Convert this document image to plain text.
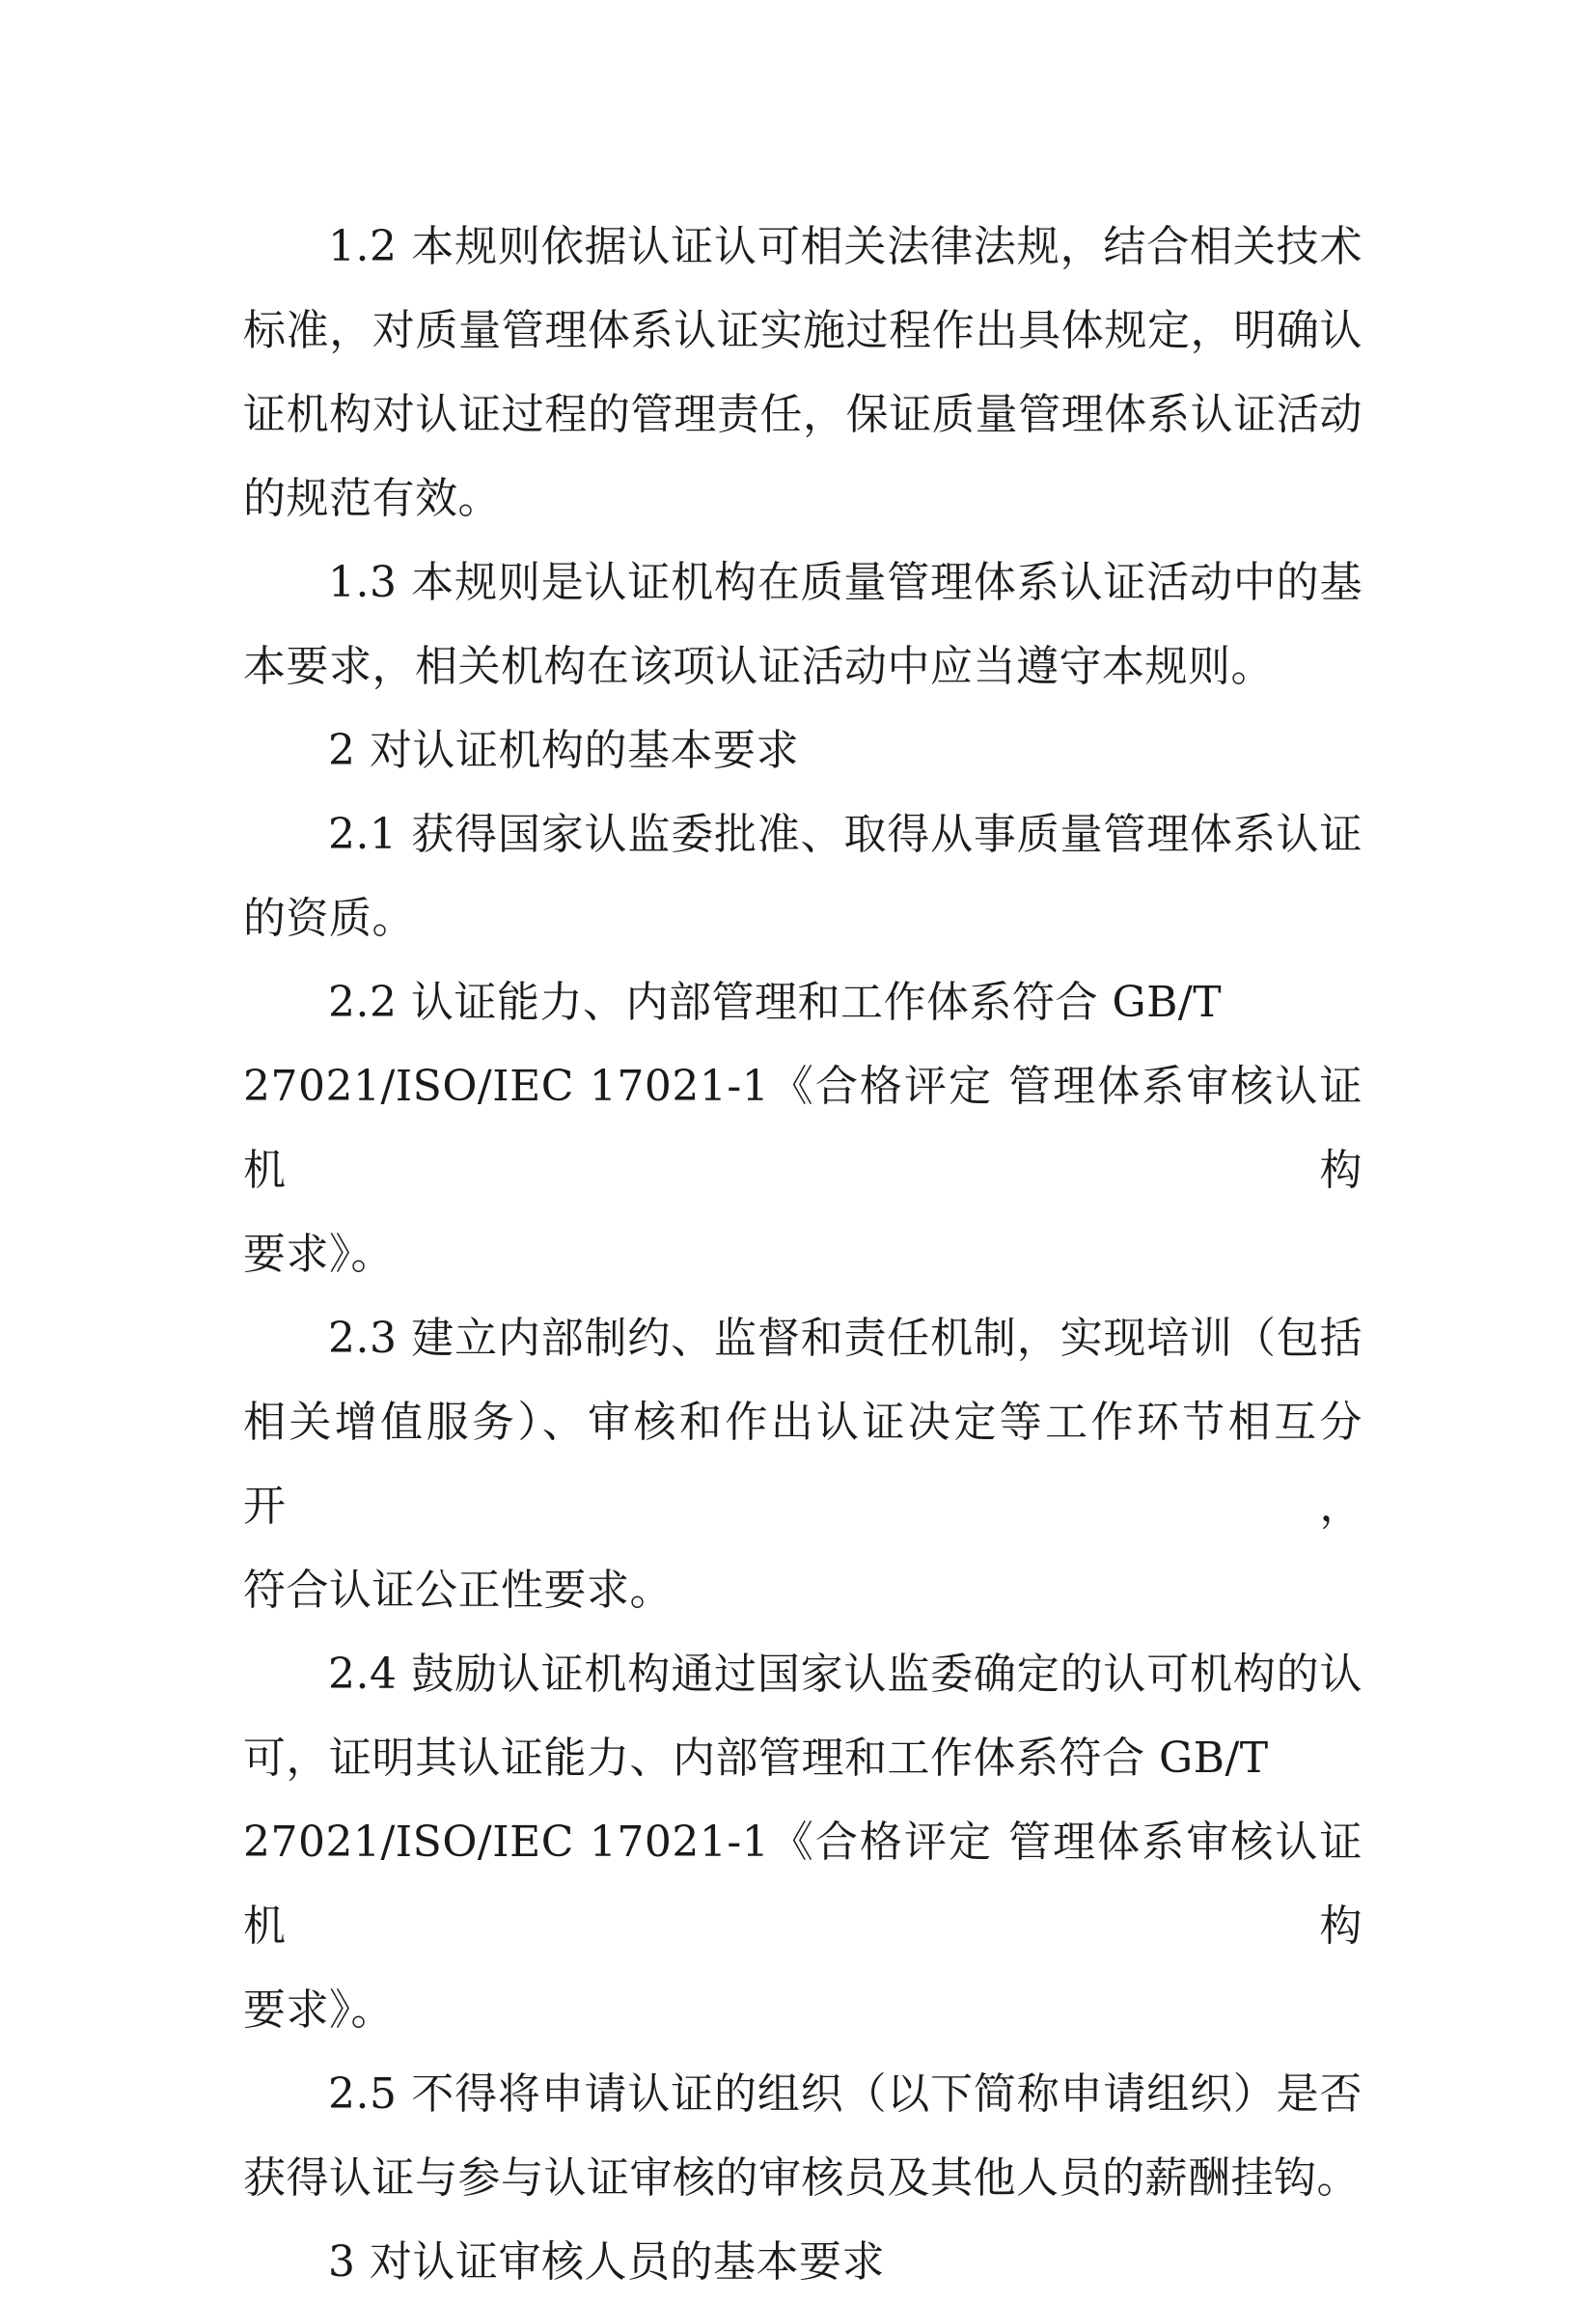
1.2 本规则依据认证认可相关法律法规，结合相关技术
标准，对质量管理体系认证实施过程作出具体规定，明确认
证机构对认证过程的管理责任，保证质量管理体系认证活动
的规范有效。
1.3 本规则是认证机构在质量管理体系认证活动中的基
本要求，相关机构在该项认证活动中应当遵守本规则。
2 对认证机构的基本要求
2.1 获得国家认监委批准、取得从事质量管理体系认证
的资质。
2.2 认证能力、内部管理和工作体系符合 GB/T
27021/ISO/IEC 17021-1《合格评定 管理体系审核认证机构
要求》。
2.3 建立内部制约、监督和责任机制，实现培训（包括
相关增值服务）、审核和作出认证决定等工作环节相互分开，
符合认证公正性要求。
2.4 鼓励认证机构通过国家认监委确定的认可机构的认
可，证明其认证能力、内部管理和工作体系符合 GB/T
27021/ISO/IEC 17021-1《合格评定 管理体系审核认证机构
要求》。
2.5 不得将申请认证的组织（以下简称申请组织）是否
获得认证与参与认证审核的审核员及其他人员的薪酬挂钩。
3 对认证审核人员的基本要求
